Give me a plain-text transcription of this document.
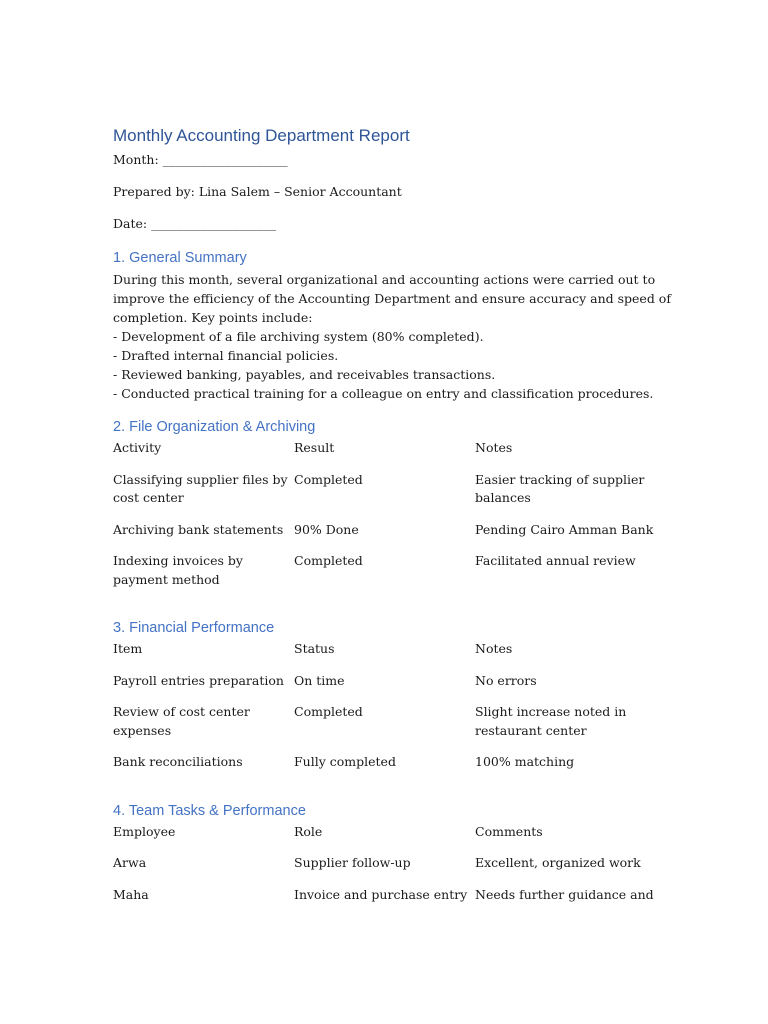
Monthly Accounting Department Report

Month: ____________________

Prepared by: Lina Salem – Senior Accountant

Date: ____________________

1. General Summary

During this month, several organizational and accounting actions were carried out to improve the efficiency of the Accounting Department and ensure accuracy and speed of completion. Key points include:

- Development of a file archiving system (80% completed).

- Drafted internal financial policies.

- Reviewed banking, payables, and receivables transactions.

- Conducted practical training for a colleague on entry and classification procedures.

2. File Organization & Archiving
Activity	Result	Notes
Classifying supplier files by cost center	Completed	Easier tracking of supplier balances
Archiving bank statements	90% Done	Pending Cairo Amman Bank
Indexing invoices by payment method	Completed	Facilitated annual review
3. Financial Performance
Item	Status	Notes
Payroll entries preparation	On time	No errors
Review of cost center expenses	Completed	Slight increase noted in restaurant center
Bank reconciliations	Fully completed	100% matching
4. Team Tasks & Performance
Employee	Role	Comments
Arwa	Supplier follow-up	Excellent, organized work
Maha	Invoice and purchase entry	Needs further guidance and
